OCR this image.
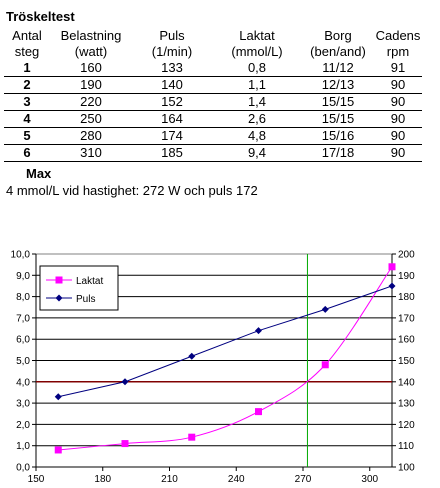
Tröskeltest
Antal	Belastning	Puls	Laktat	Borg	Cadens
steg	(watt)	(1/min)	(mmol/L)	(ben/and)	rpm
1	160	133	0,8	11/12	91
2	190	140	1,1	12/13	90
3	220	152	1,4	15/15	90
4	250	164	2,6	15/15	90
5	280	174	4,8	15/16	90
6	310	185	9,4	17/18	90
Max
4 mmol/L vid hastighet: 272 W och puls 172
0,0
1,0
2,0
3,0
4,0
5,0
6,0
7,0
8,0
9,0
10,0
100
110
120
130
140
150
160
170
180
190
200
150	180	210	240	270	300
Laktat
Puls
